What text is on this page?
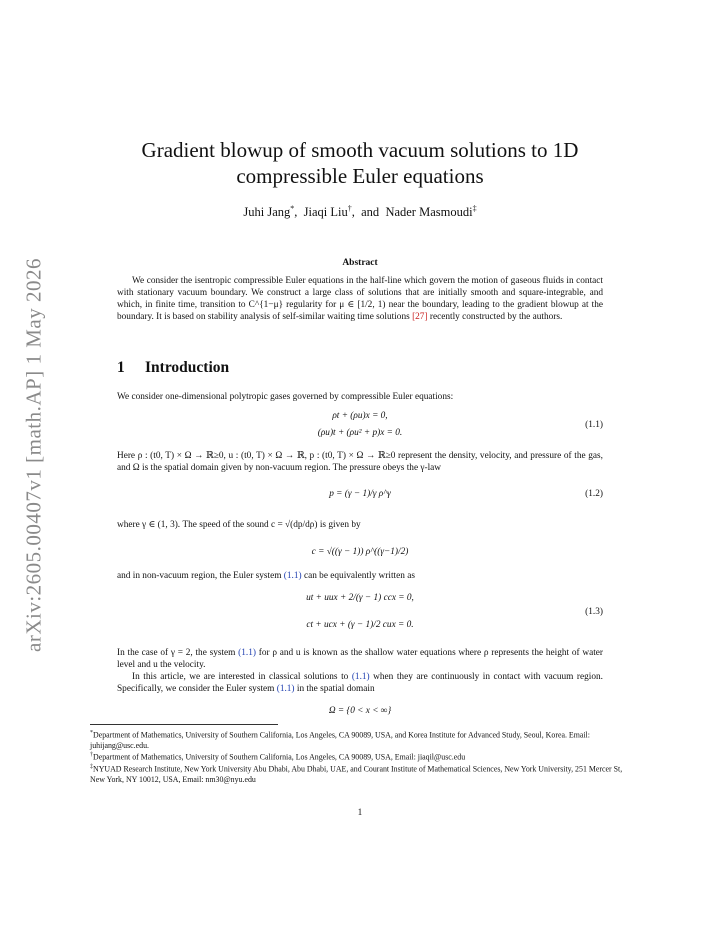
arXiv:2605.00407v1 [math.AP] 1 May 2026
Gradient blowup of smooth vacuum solutions to 1D
compressible Euler equations
Juhi Jang*,  Jiaqi Liu†,  and Nader Masmoudi‡
Abstract
We consider the isentropic compressible Euler equations in the half-line which govern the motion of gaseous fluids in contact with stationary vacuum boundary. We construct a large class of solutions that are initially smooth and square-integrable, and which, in finite time, transition to C^{1−μ} regularity for μ ∈ [1/2, 1) near the boundary, leading to the gradient blowup at the boundary. It is based on stability analysis of self-similar waiting time solutions [27] recently constructed by the authors.
1 Introduction
We consider one-dimensional polytropic gases governed by compressible Euler equations:
ρt + (ρu)x = 0,
(ρu)t + (ρu² + p)x = 0.
(1.1)
Here ρ : (t0, T) × Ω → ℝ≥0, u : (t0, T) × Ω → ℝ, p : (t0, T) × Ω → ℝ≥0 represent the density, velocity, and pressure of the gas, and Ω is the spatial domain given by non-vacuum region. The pressure obeys the γ-law
p = (γ − 1)/γ ρ^γ	(1.2)
where γ ∈ (1, 3). The speed of the sound c = √(dp/dρ) is given by
c = √((γ − 1)) ρ^((γ−1)/2)
and in non-vacuum region, the Euler system (1.1) can be equivalently written as
ut + uux + 2/(γ − 1) ccx = 0,
ct + ucx + (γ − 1)/2 cux = 0.
(1.3)
In the case of γ = 2, the system (1.1) for ρ and u is known as the shallow water equations where ρ represents the height of water level and u the velocity.
In this article, we are interested in classical solutions to (1.1) when they are continuously in contact with vacuum region. Specifically, we consider the Euler system (1.1) in the spatial domain
Ω = {0 < x < ∞}
*Department of Mathematics, University of Southern California, Los Angeles, CA 90089, USA, and Korea Institute for Advanced Study, Seoul, Korea. Email: juhijang@usc.edu.
†Department of Mathematics, University of Southern California, Los Angeles, CA 90089, USA, Email: jiaqil@usc.edu
‡NYUAD Research Institute, New York University Abu Dhabi, Abu Dhabi, UAE, and Courant Institute of Mathematical Sciences, New York University, 251 Mercer St, New York, NY 10012, USA, Email: nm30@nyu.edu
1
